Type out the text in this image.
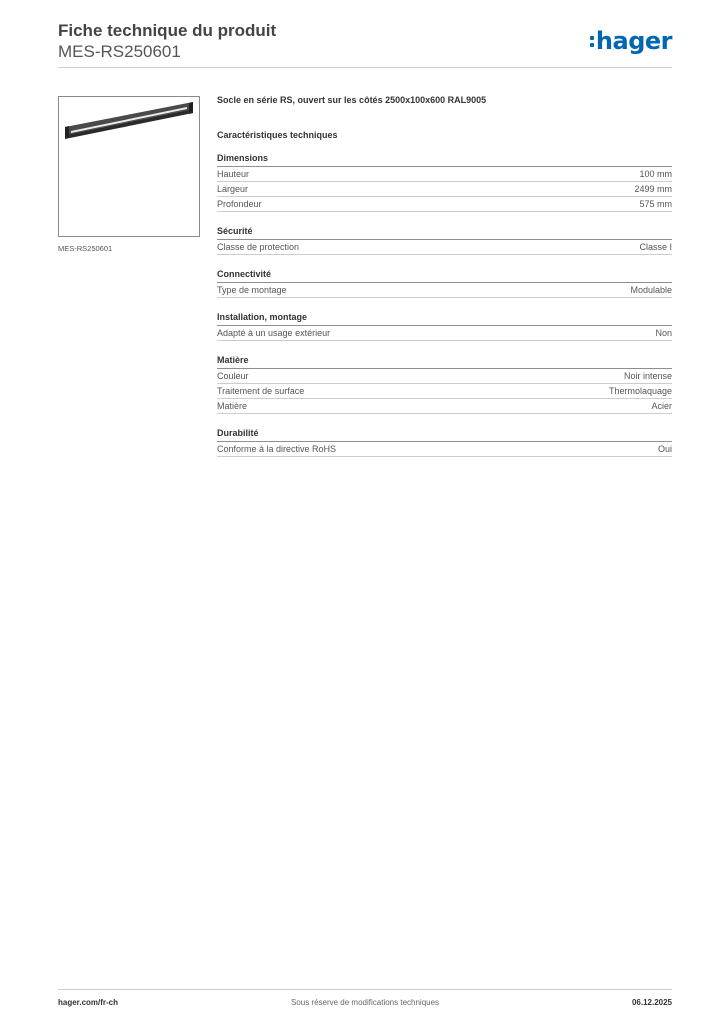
Fiche technique du produit
MES-RS250601	hager
MES-RS250601

Socle en série RS, ouvert sur les côtés 2500x100x600 RAL9005

Caractéristiques techniques
Dimensions
Hauteur	100 mm
Largeur	2499 mm
Profondeur	575 mm
Sécurité
Classe de protection	Classe I
Connectivité
Type de montage	Modulable
Installation, montage
Adapté à un usage extérieur	Non
Matière
Couleur	Noir intense
Traitement de surface	Thermolaquage
Matière	Acier
Durabilité
Conforme à la directive RoHS	Oui
hager.com/fr-ch	Sous réserve de modifications techniques	06.12.2025
